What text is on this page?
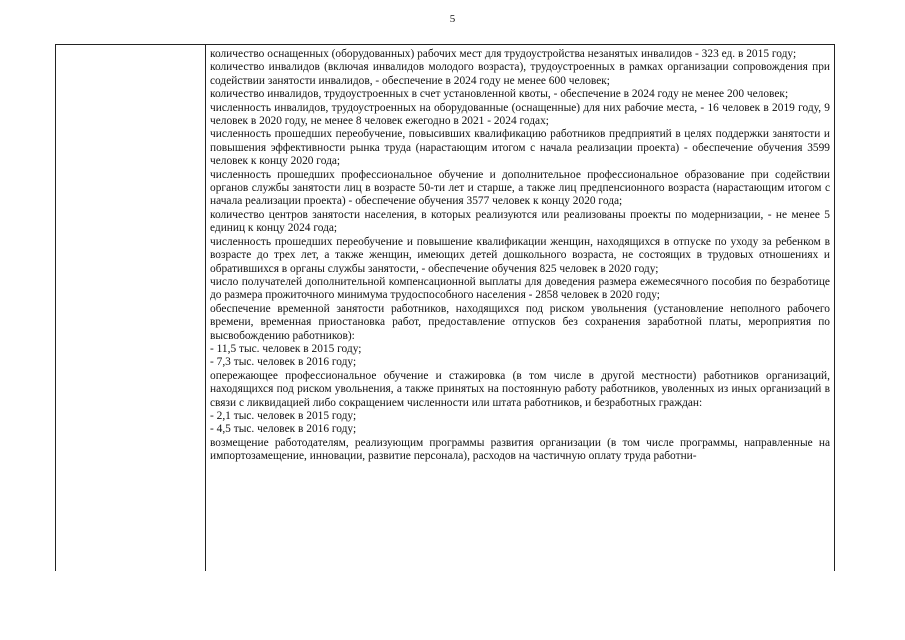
5

количество оснащенных (оборудованных) рабочих мест для трудоустройства незанятых инвалидов - 323 ед. в 2015 году;

количество инвалидов (включая инвалидов молодого возраста), трудоустроенных в рамках организации сопровождения при содействии занятости инвалидов, - обеспечение в 2024 году не менее 600 человек;

количество инвалидов, трудоустроенных в счет установленной квоты, - обеспечение в 2024 году не менее 200 человек;

численность инвалидов, трудоустроенных на оборудованные (оснащенные) для них рабочие места, - 16 человек в 2019 году, 9 человек в 2020 году, не менее 8 человек ежегодно в 2021 - 2024 годах;

численность прошедших переобучение, повысивших квалификацию работников предприятий в целях поддержки занятости и повышения эффективности рынка труда (нарастающим итогом с начала реализации проекта) - обеспечение обучения 3599 человек к концу 2020 года;

численность прошедших профессиональное обучение и дополнительное профессиональное образование при содействии органов службы занятости лиц в возрасте 50-ти лет и старше, а также лиц предпенсионного возраста (нарастающим итогом с начала реализации проекта) - обеспечение обучения 3577 человек к концу 2020 года;

количество центров занятости населения, в которых реализуются или реализованы проекты по модернизации, - не менее 5 единиц к концу 2024 года;

численность прошедших переобучение и повышение квалификации женщин, находящихся в отпуске по уходу за ребенком в возрасте до трех лет, а также женщин, имеющих детей дошкольного возраста, не состоящих в трудовых отношениях и обратившихся в органы службы занятости, - обеспечение обучения 825 человек в 2020 году;

число получателей дополнительной компенсационной выплаты для доведения размера ежемесячного пособия по безработице до размера прожиточного минимума трудоспособного населения - 2858 человек в 2020 году;

обеспечение временной занятости работников, находящихся под риском увольнения (установление неполного рабочего времени, временная приостановка работ, предоставление отпусков без сохранения заработной платы, мероприятия по высвобождению работников):

- 11,5 тыс. человек в 2015 году;

- 7,3 тыс. человек в 2016 году;

опережающее профессиональное обучение и стажировка (в том числе в другой местности) работников организаций, находящихся под риском увольнения, а также принятых на постоянную работу работников, уволенных из иных организаций в связи с ликвидацией либо сокращением численности или штата работников, и безработных граждан:

- 2,1 тыс. человек в 2015 году;

- 4,5 тыс. человек в 2016 году;

возмещение работодателям, реализующим программы развития организации (в том числе программы, направленные на импортозамещение, инновации, развитие персонала), расходов на частичную оплату труда работни-
